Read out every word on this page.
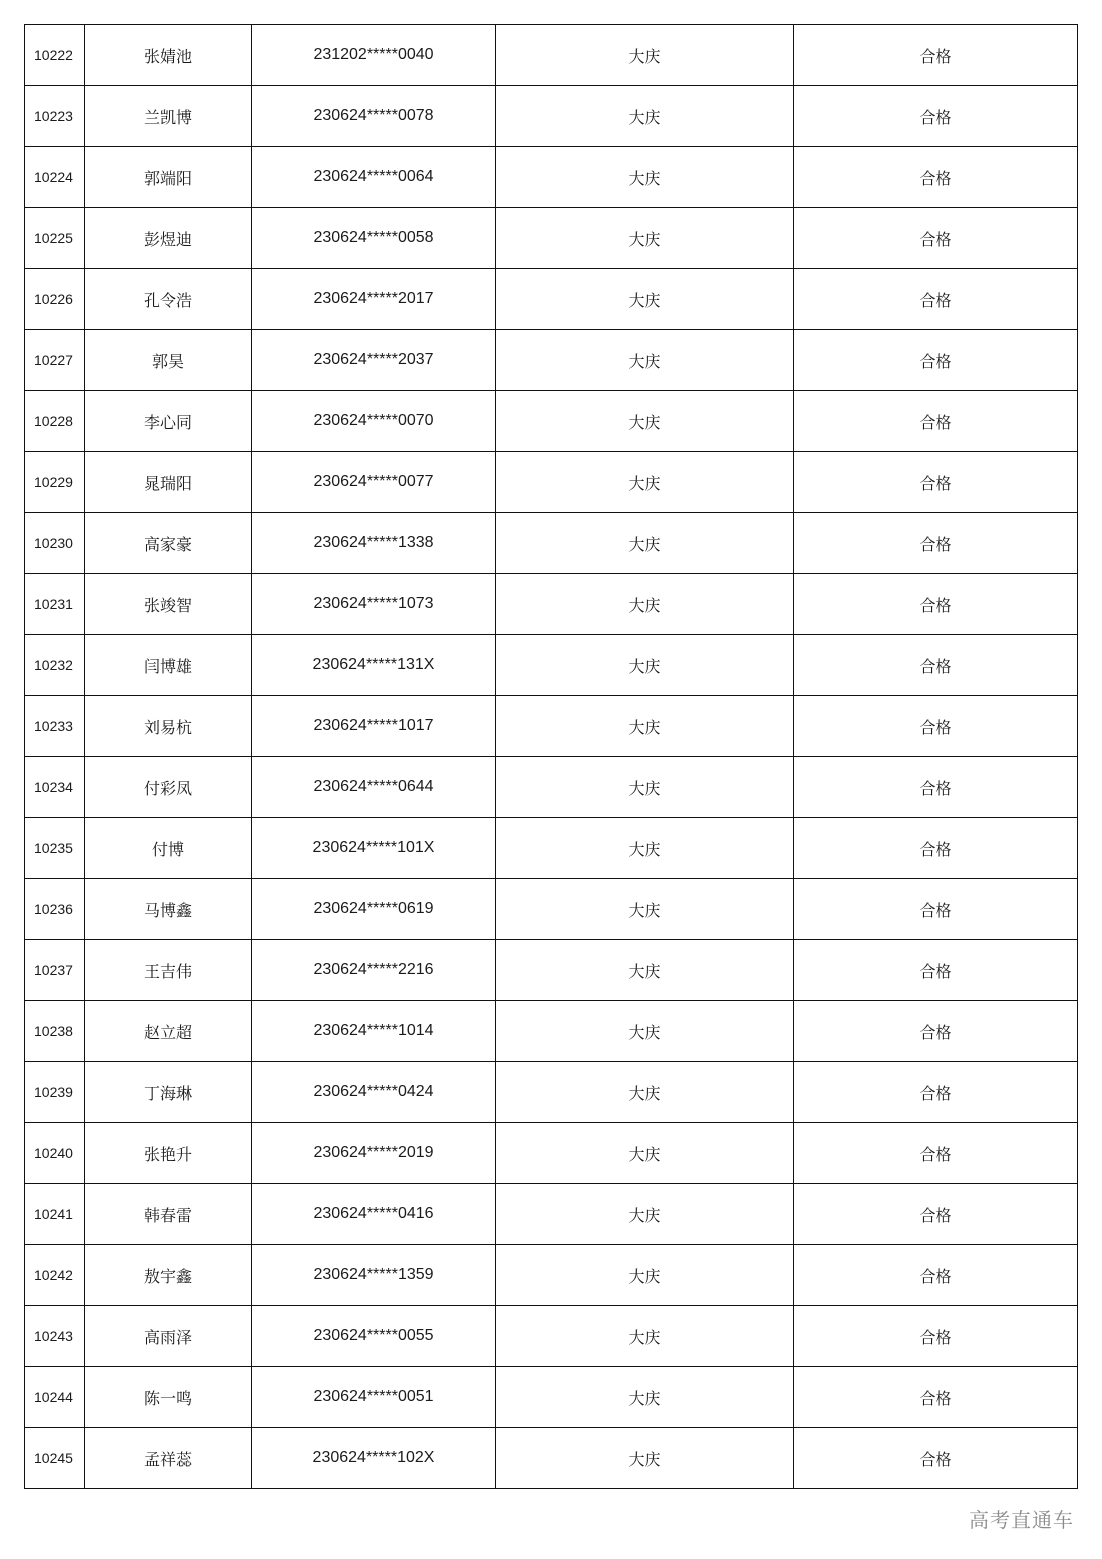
10222	张婧池	231202*****0040	大庆	合格
10223	兰凯博	230624*****0078	大庆	合格
10224	郭端阳	230624*****0064	大庆	合格
10225	彭煜迪	230624*****0058	大庆	合格
10226	孔令浩	230624*****2017	大庆	合格
10227	郭昊	230624*****2037	大庆	合格
10228	李心同	230624*****0070	大庆	合格
10229	晁瑞阳	230624*****0077	大庆	合格
10230	高家豪	230624*****1338	大庆	合格
10231	张竣智	230624*****1073	大庆	合格
10232	闫博雄	230624*****131X	大庆	合格
10233	刘易杭	230624*****1017	大庆	合格
10234	付彩凤	230624*****0644	大庆	合格
10235	付博	230624*****101X	大庆	合格
10236	马博鑫	230624*****0619	大庆	合格
10237	王吉伟	230624*****2216	大庆	合格
10238	赵立超	230624*****1014	大庆	合格
10239	丁海琳	230624*****0424	大庆	合格
10240	张艳升	230624*****2019	大庆	合格
10241	韩春雷	230624*****0416	大庆	合格
10242	敖宇鑫	230624*****1359	大庆	合格
10243	高雨泽	230624*****0055	大庆	合格
10244	陈一鸣	230624*****0051	大庆	合格
10245	孟祥蕊	230624*****102X	大庆	合格
高考直通车
